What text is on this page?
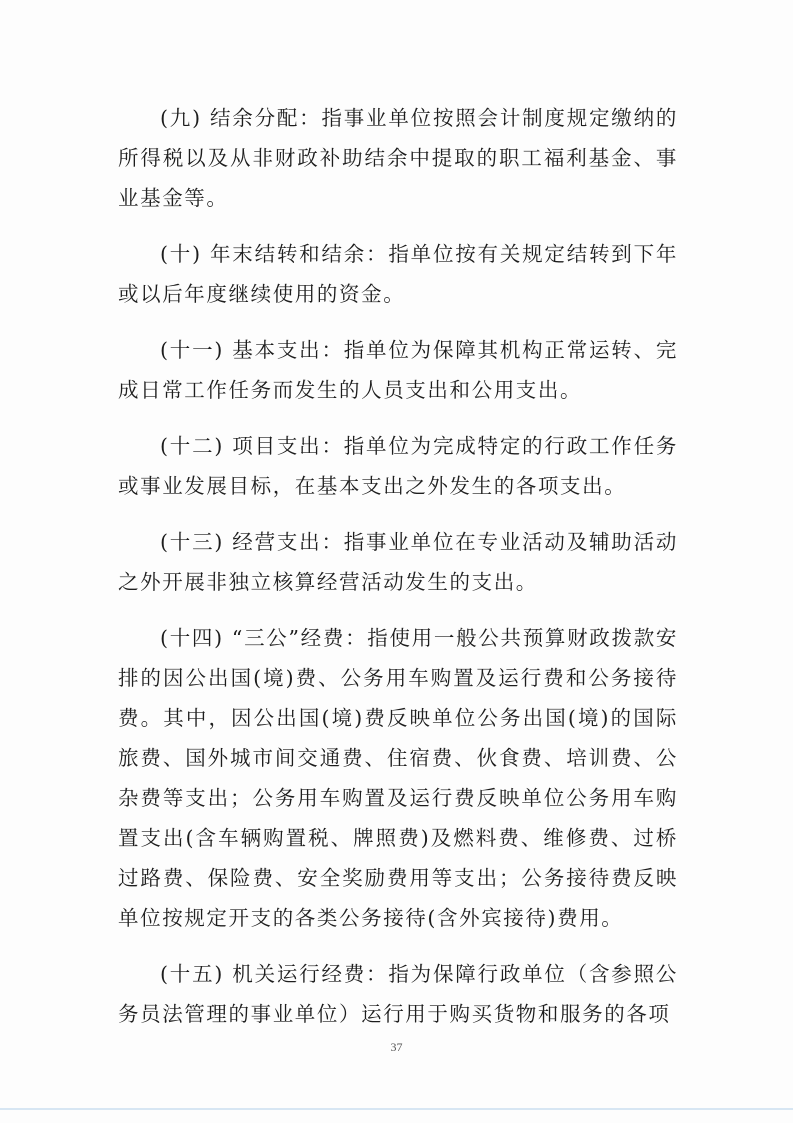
(九) 结余分配：指事业单位按照会计制度规定缴纳的所得税以及从非财政补助结余中提取的职工福利基金、事业基金等。

(十) 年末结转和结余：指单位按有关规定结转到下年或以后年度继续使用的资金。

(十一) 基本支出：指单位为保障其机构正常运转、完成日常工作任务而发生的人员支出和公用支出。

(十二) 项目支出：指单位为完成特定的行政工作任务或事业发展目标，在基本支出之外发生的各项支出。

(十三) 经营支出：指事业单位在专业活动及辅助活动之外开展非独立核算经营活动发生的支出。

(十四) “三公”经费：指使用一般公共预算财政拨款安排的因公出国(境)费、公务用车购置及运行费和公务接待费。其中，因公出国(境)费反映单位公务出国(境)的国际旅费、国外城市间交通费、住宿费、伙食费、培训费、公杂费等支出；公务用车购置及运行费反映单位公务用车购置支出(含车辆购置税、牌照费)及燃料费、维修费、过桥过路费、保险费、安全奖励费用等支出；公务接待费反映单位按规定开支的各类公务接待(含外宾接待)费用。

(十五) 机关运行经费：指为保障行政单位（含参照公务员法管理的事业单位）运行用于购买货物和服务的各项

37
